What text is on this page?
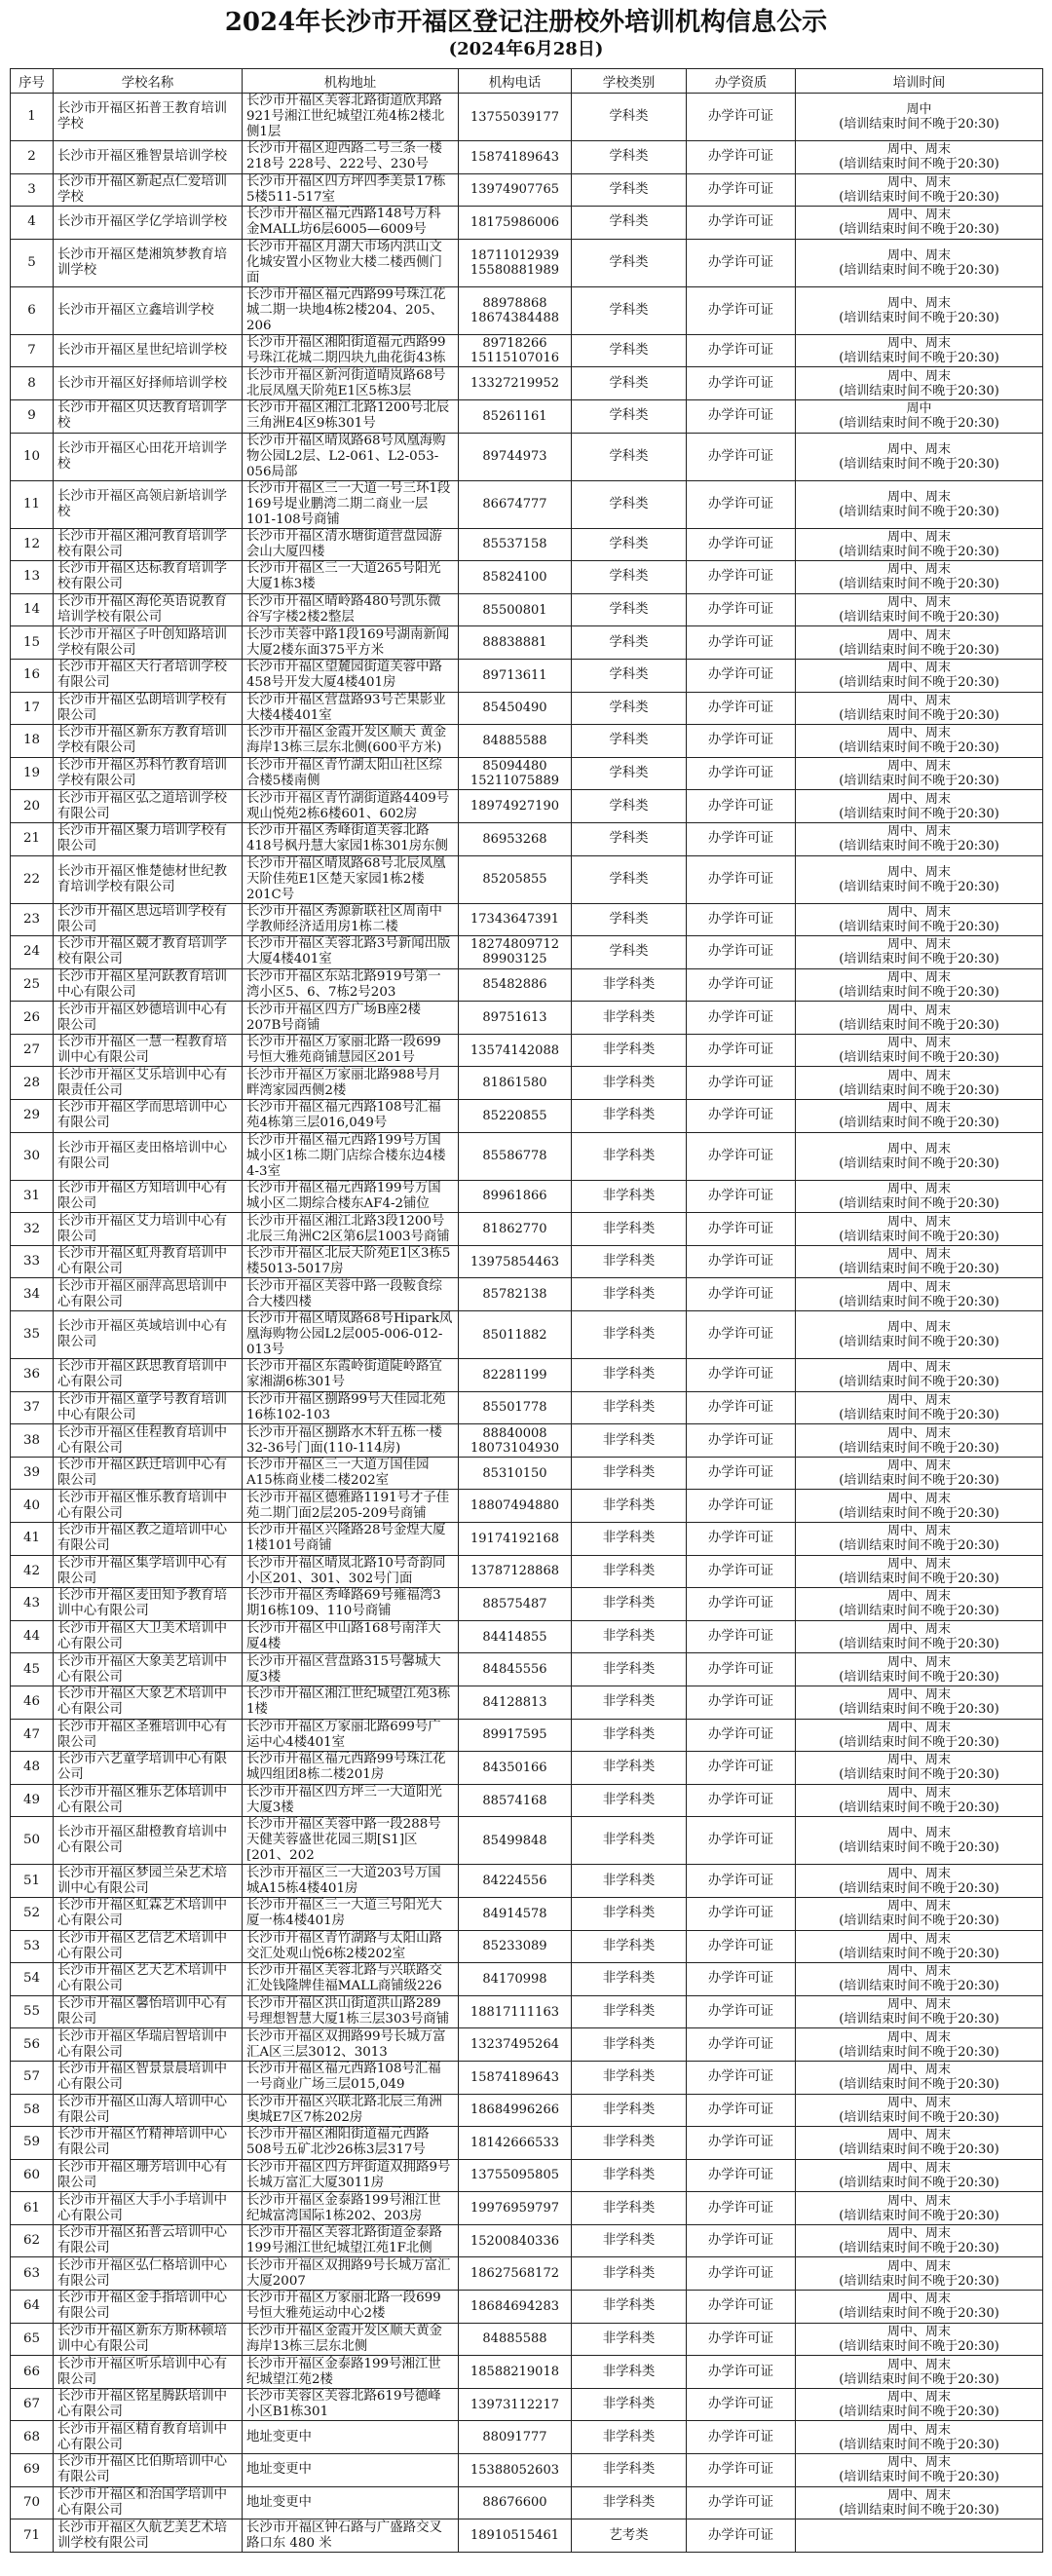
2024年长沙市开福区登记注册校外培训机构信息公示
(2024年6月28日)
序号	学校名称	机构地址	机构电话	学校类别	办学资质	培训时间
1	长沙市开福区拓普王教育培训学校	长沙市开福区芙蓉北路街道欣邦路921号湘江世纪城望江苑4栋2楼北侧1层	13755039177	学科类	办学许可证	周中
(培训结束时间不晚于20:30)
2	长沙市开福区雅智景培训学校	长沙市开福区迎西路二号三条一楼218号 228号、222号、230号	15874189643	学科类	办学许可证	周中、周末
(培训结束时间不晚于20:30)
3	长沙市开福区新起点仁爱培训学校	长沙市开福区四方坪四季美景17栋5楼511-517室	13974907765	学科类	办学许可证	周中、周末
(培训结束时间不晚于20:30)
4	长沙市开福区学亿学培训学校	长沙市开福区福元西路148号万科金MALL坊6层6005—6009号	18175986006	学科类	办学许可证	周中、周末
(培训结束时间不晚于20:30)
5	长沙市开福区楚湘筑梦教育培训学校	长沙市开福区月湖大市场内洪山文化城安置小区物业大楼二楼西侧门面	18711012939
15580881989	学科类	办学许可证	周中、周末
(培训结束时间不晚于20:30)
6	长沙市开福区立鑫培训学校	长沙市开福区福元西路99号珠江花城二期一块地4栋2楼204、205、206	88978868
18674384488	学科类	办学许可证	周中、周末
(培训结束时间不晚于20:30)
7	长沙市开福区星世纪培训学校	长沙市开福区湘阳街道福元西路99号珠江花城二期四块九曲花街43栋	89718266
15115107016	学科类	办学许可证	周中、周末
(培训结束时间不晚于20:30)
8	长沙市开福区好择师培训学校	长沙市开福区新河街道晴岚路68号北辰凤凰天阶苑E1区5栋3层	13327219952	学科类	办学许可证	周中、周末
(培训结束时间不晚于20:30)
9	长沙市开福区贝达教育培训学校	长沙市开福区湘江北路1200号北辰三角洲E4区9栋301号	85261161	学科类	办学许可证	周中
(培训结束时间不晚于20:30)
10	长沙市开福区心田花开培训学校	长沙市开福区晴岚路68号凤凰海购物公园L2层、L2-061、L2-053-056局部	89744973	学科类	办学许可证	周中、周末
(培训结束时间不晚于20:30)
11	长沙市开福区高领启新培训学校	长沙市开福区三一大道一号三环1段169号堤业鹏湾二期二商业一层101-108号商铺	86674777	学科类	办学许可证	周中、周末
(培训结束时间不晚于20:30)
12	长沙市开福区湘河教育培训学校有限公司	长沙市开福区清水塘街道营盘园游会山大厦四楼	85537158	学科类	办学许可证	周中、周末
(培训结束时间不晚于20:30)
13	长沙市开福区达标教育培训学校有限公司	长沙市开福区三一大道265号阳光大厦1栋3楼	85824100	学科类	办学许可证	周中、周末
(培训结束时间不晚于20:30)
14	长沙市开福区海伦英语说教育培训学校有限公司	长沙市开福区晴岭路480号凯乐微谷写字楼2楼2整层	85500801	学科类	办学许可证	周中、周末
(培训结束时间不晚于20:30)
15	长沙市开福区子叶创知路培训学校有限公司	长沙市芙蓉中路1段169号湖南新闻大厦2楼东面375平方米	88838881	学科类	办学许可证	周中、周末
(培训结束时间不晚于20:30)
16	长沙市开福区天行者培训学校有限公司	长沙市开福区望麓园街道芙蓉中路458号开发大厦4楼401房	89713611	学科类	办学许可证	周中、周末
(培训结束时间不晚于20:30)
17	长沙市开福区弘朗培训学校有限公司	长沙市开福区营盘路93号芒果影业大楼4楼401室	85450490	学科类	办学许可证	周中、周末
(培训结束时间不晚于20:30)
18	长沙市开福区新东方教育培训学校有限公司	长沙市开福区金霞开发区顺天 黄金海岸13栋三层东北侧(600平方米)	84885588	学科类	办学许可证	周中、周末
(培训结束时间不晚于20:30)
19	长沙市开福区苏科竹教育培训学校有限公司	长沙市开福区青竹湖太阳山社区综合楼5楼南侧	85094480
15211075889	学科类	办学许可证	周中、周末
(培训结束时间不晚于20:30)
20	长沙市开福区弘之道培训学校有限公司	长沙市开福区青竹湖街道路4409号观山悦苑2栋6楼601、602房	18974927190	学科类	办学许可证	周中、周末
(培训结束时间不晚于20:30)
21	长沙市开福区聚力培训学校有限公司	长沙市开福区秀峰街道芙蓉北路418号枫丹慧大家园1栋301房东侧	86953268	学科类	办学许可证	周中、周末
(培训结束时间不晚于20:30)
22	长沙市开福区惟楚徳材世纪教育培训学校有限公司	长沙市开福区晴岚路68号北辰凤凰天阶佳苑E1区楚天家园1栋2楼201C号	85205855	学科类	办学许可证	周中、周末
(培训结束时间不晚于20:30)
23	长沙市开福区思远培训学校有限公司	长沙市开福区秀源新联社区周南中学教师经济适用房1栋二楼	17343647391	学科类	办学许可证	周中、周末
(培训结束时间不晚于20:30)
24	长沙市开福区競才教育培训学校有限公司	长沙市开福区芙蓉北路3号新闻出版大厦4楼401室	18274809712
89903125	学科类	办学许可证	周中、周末
(培训结束时间不晚于20:30)
25	长沙市开福区星河跃教育培训中心有限公司	长沙市开福区东站北路919号第一湾小区5、6、7栋2号203	85482886	非学科类	办学许可证	周中、周末
(培训结束时间不晚于20:30)
26	长沙市开福区妙德培训中心有限公司	长沙市开福区四方广场B座2楼207B号商铺	89751613	非学科类	办学许可证	周中、周末
(培训结束时间不晚于20:30)
27	长沙市开福区一慧一程教育培训中心有限公司	长沙市开福区万家丽北路一段699号恒大雅苑商铺慧园区201号	13574142088	非学科类	办学许可证	周中、周末
(培训结束时间不晚于20:30)
28	长沙市开福区艾乐培训中心有限责任公司	长沙市开福区万家丽北路988号月畔湾家园西侧2楼	81861580	非学科类	办学许可证	周中、周末
(培训结束时间不晚于20:30)
29	长沙市开福区学而思培训中心有限公司	长沙市开福区福元西路108号汇福苑4栋第三层016,049号	85220855	非学科类	办学许可证	周中、周末
(培训结束时间不晚于20:30)
30	长沙市开福区麦田格培训中心有限公司	长沙市开福区福元西路199号万国城小区1栋二期门店综合楼东边4楼4-3室	85586778	非学科类	办学许可证	周中、周末
(培训结束时间不晚于20:30)
31	长沙市开福区方知培训中心有限公司	长沙市开福区福元西路199号万国城小区二期综合楼东AF4-2铺位	89961866	非学科类	办学许可证	周中、周末
(培训结束时间不晚于20:30)
32	长沙市开福区艾力培训中心有限公司	长沙市开福区湘江北路3段1200号北辰三角洲C2区第6层1003号商铺	81862770	非学科类	办学许可证	周中、周末
(培训结束时间不晚于20:30)
33	长沙市开福区虹舟教育培训中心有限公司	长沙市开福区北辰天阶苑E1区3栋5楼5013-5017房	13975854463	非学科类	办学许可证	周中、周末
(培训结束时间不晚于20:30)
34	长沙市开福区丽萍高思培训中心有限公司	长沙市开福区芙蓉中路一段鞍食综合大楼四楼	85782138	非学科类	办学许可证	周中、周末
(培训结束时间不晚于20:30)
35	长沙市开福区英域培训中心有限公司	长沙市开福区晴岚路68号Hipark凤凰海购物公园L2层005-006-012-013号	85011882	非学科类	办学许可证	周中、周末
(培训结束时间不晚于20:30)
36	长沙市开福区跃思教育培训中心有限公司	长沙市开福区东霞岭街道陡岭路宜家湘湖6栋301号	82281199	非学科类	办学许可证	周中、周末
(培训结束时间不晚于20:30)
37	长沙市开福区童学号教育培训中心有限公司	长沙市开福区捌路99号大佳园北苑16栋102-103	85501778	非学科类	办学许可证	周中、周末
(培训结束时间不晚于20:30)
38	长沙市开福区佳程教育培训中心有限公司	长沙市开福区捌路水木轩五栋一楼32-36号门面(110-114房)	88840008
18073104930	非学科类	办学许可证	周中、周末
(培训结束时间不晚于20:30)
39	长沙市开福区跃迁培训中心有限公司	长沙市开福区三一大道万国佳园A15栋商业楼二楼202室	85310150	非学科类	办学许可证	周中、周末
(培训结束时间不晚于20:30)
40	长沙市开福区惟乐教育培训中心有限公司	长沙市开福区德雅路1191号才子佳苑二期门面2层205-209号商铺	18807494880	非学科类	办学许可证	周中、周末
(培训结束时间不晚于20:30)
41	长沙市开福区教之道培训中心有限公司	长沙市开福区兴隆路28号金煌大厦1楼101号商铺	19174192168	非学科类	办学许可证	周中、周末
(培训结束时间不晚于20:30)
42	长沙市开福区集学培训中心有限公司	长沙市开福区晴岚北路10号奇韵同小区201、301、302号门面	13787128868	非学科类	办学许可证	周中、周末
(培训结束时间不晚于20:30)
43	长沙市开福区麦田知予教育培训中心有限公司	长沙市开福区秀峰路69号雍福湾3期16栋109、110号商铺	88575487	非学科类	办学许可证	周中、周末
(培训结束时间不晚于20:30)
44	长沙市开福区大卫美术培训中心有限公司	长沙市开福区中山路168号南洋大厦4楼	84414855	非学科类	办学许可证	周中、周末
(培训结束时间不晚于20:30)
45	长沙市开福区大象美艺培训中心有限公司	长沙市开福区营盘路315号馨城大厦3楼	84845556	非学科类	办学许可证	周中、周末
(培训结束时间不晚于20:30)
46	长沙市开福区大象艺术培训中心有限公司	长沙市开福区湘江世纪城望江苑3栋1楼	84128813	非学科类	办学许可证	周中、周末
(培训结束时间不晚于20:30)
47	长沙市开福区圣雅培训中心有限公司	长沙市开福区万家丽北路699号广运中心4楼401室	89917595	非学科类	办学许可证	周中、周末
(培训结束时间不晚于20:30)
48	长沙市六艺童学培训中心有限公司	长沙市开福区福元西路99号珠江花城四组团8栋二楼201房	84350166	非学科类	办学许可证	周中、周末
(培训结束时间不晚于20:30)
49	长沙市开福区雅乐艺体培训中心有限公司	长沙市开福区四方坪三一大道阳光大厦3楼	88574168	非学科类	办学许可证	周中、周末
(培训结束时间不晚于20:30)
50	长沙市开福区甜橙教育培训中心有限公司	长沙市开福区芙蓉中路一段288号天健芙蓉盛世花园三期[S1]区[201、202	85499848	非学科类	办学许可证	周中、周末
(培训结束时间不晚于20:30)
51	长沙市开福区梦园兰朵艺术培训中心有限公司	长沙市开福区三一大道203号万国城A15栋4楼401房	84224556	非学科类	办学许可证	周中、周末
(培训结束时间不晚于20:30)
52	长沙市开福区虹霖艺术培训中心有限公司	长沙市开福区三一大道三号阳光大厦一栋4楼401房	84914578	非学科类	办学许可证	周中、周末
(培训结束时间不晚于20:30)
53	长沙市开福区艺信艺术培训中心有限公司	长沙市开福区青竹湖路与太阳山路交汇处观山悦6栋2楼202室	85233089	非学科类	办学许可证	周中、周末
(培训结束时间不晚于20:30)
54	长沙市开福区艺天艺术培训中心有限公司	长沙市开福区芙蓉北路与兴联路交汇处钱隆牌佳福MALL商铺级226	84170998	非学科类	办学许可证	周中、周末
(培训结束时间不晚于20:30)
55	长沙市开福区馨怡培训中心有限公司	长沙市开福区洪山街道洪山路289号理想智慧大厦1栋三层303号商铺	18817111163	非学科类	办学许可证	周中、周末
(培训结束时间不晚于20:30)
56	长沙市开福区华瑞启智培训中心有限公司	长沙市开福区双拥路99号长城万富汇A区三层3012、3013	13237495264	非学科类	办学许可证	周中、周末
(培训结束时间不晚于20:30)
57	长沙市开福区智景景晨培训中心有限公司	长沙市开福区福元西路108号汇福一号商业广场三层015,049	15874189643	非学科类	办学许可证	周中、周末
(培训结束时间不晚于20:30)
58	长沙市开福区山海人培训中心有限公司	长沙市开福区兴联北路北辰三角洲奥城E7区7栋202房	18684996266	非学科类	办学许可证	周中、周末
(培训结束时间不晚于20:30)
59	长沙市开福区竹精神培训中心有限公司	长沙市开福区湘阳街道福元西路508号五矿北沙26栋3层317号	18142666533	非学科类	办学许可证	周中、周末
(培训结束时间不晚于20:30)
60	长沙市开福区珊芳培训中心有限公司	长沙市开福区四方坪街道双拥路9号长城万富汇大厦3011房	13755095805	非学科类	办学许可证	周中、周末
(培训结束时间不晚于20:30)
61	长沙市开福区大手小手培训中心有限公司	长沙市开福区金泰路199号湘江世纪城富湾国际1栋202、203房	19976959797	非学科类	办学许可证	周中、周末
(培训结束时间不晚于20:30)
62	长沙市开福区拓普云培训中心有限公司	长沙市开福区芙蓉北路街道金泰路199号湘江世纪城望江苑1F北侧	15200840336	非学科类	办学许可证	周中、周末
(培训结束时间不晚于20:30)
63	长沙市开福区弘仁格培训中心有限公司	长沙市开福区双拥路9号长城万富汇大厦2007	18627568172	非学科类	办学许可证	周中、周末
(培训结束时间不晚于20:30)
64	长沙市开福区金手指培训中心有限公司	长沙市开福区万家丽北路一段699号恒大雅苑运动中心2楼	18684694283	非学科类	办学许可证	周中、周末
(培训结束时间不晚于20:30)
65	长沙市开福区新东方斯林顿培训中心有限公司	长沙市开福区金霞开发区顺天黄金海岸13栋三层东北侧	84885588	非学科类	办学许可证	周中、周末
(培训结束时间不晚于20:30)
66	长沙市开福区听乐培训中心有限公司	长沙市开福区金泰路199号湘江世纪城望江苑2楼	18588219018	非学科类	办学许可证	周中、周末
(培训结束时间不晚于20:30)
67	长沙市开福区铭星腾跃培训中心有限公司	长沙市芙蓉区芙蓉北路619号德峰小区B1栋301	13973112217	非学科类	办学许可证	周中、周末
(培训结束时间不晚于20:30)
68	长沙市开福区精育教育培训中心有限公司	地址变更中	88091777	非学科类	办学许可证	周中、周末
(培训结束时间不晚于20:30)
69	长沙市开福区比伯斯培训中心有限公司	地址变更中	15388052603	非学科类	办学许可证	周中、周末
(培训结束时间不晚于20:30)
70	长沙市开福区和治国学培训中心有限公司	地址变更中	88676600	非学科类	办学许可证	周中、周末
(培训结束时间不晚于20:30)
71	长沙市开福区久航艺美艺术培训学校有限公司	长沙市开福区钟石路与广盛路交叉路口东 480 米	18910515461	艺考类	办学许可证	
